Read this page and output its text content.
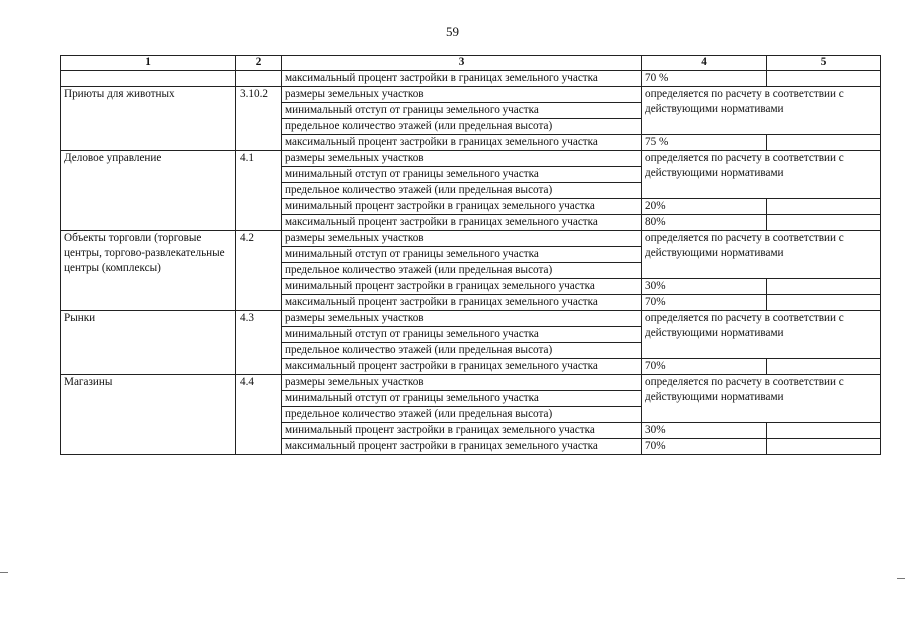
59
1	2	3	4	5
		максимальный процент застройки в границах земельного участка	70 %	
Приюты для животных	3.10.2	размеры земельных участков	определяется по расчету в соответствии с действующими нормативами	
		минимальный отступ от границы земельного участка		
		предельное количество этажей (или предельная высота)		
		максимальный процент застройки в границах земельного участка	75 %	
Деловое управление	4.1	размеры земельных участков	определяется по расчету в соответствии с действующими нормативами	
		минимальный отступ от границы земельного участка		
		предельное количество этажей (или предельная высота)		
		минимальный процент застройки в границах земельного участка	20%	
		максимальный процент застройки в границах земельного участка	80%	
Объекты торговли (торговые центры, торгово-развлекательные центры (комплексы)	4.2	размеры земельных участков	определяется по расчету в соответствии с действующими нормативами	
		минимальный отступ от границы земельного участка		
		предельное количество этажей (или предельная высота)		
		минимальный процент застройки в границах земельного участка	30%	
		максимальный процент застройки в границах земельного участка	70%	
Рынки	4.3	размеры земельных участков	определяется по расчету в соответствии с действующими нормативами	
		минимальный отступ от границы земельного участка		
		предельное количество этажей (или предельная высота)		
		максимальный процент застройки в границах земельного участка	70%	
Магазины	4.4	размеры земельных участков	определяется по расчету в соответствии с действующими нормативами	
		минимальный отступ от границы земельного участка		
		предельное количество этажей (или предельная высота)		
		минимальный процент застройки в границах земельного участка	30%	
		максимальный процент застройки в границах земельного участка	70%	
